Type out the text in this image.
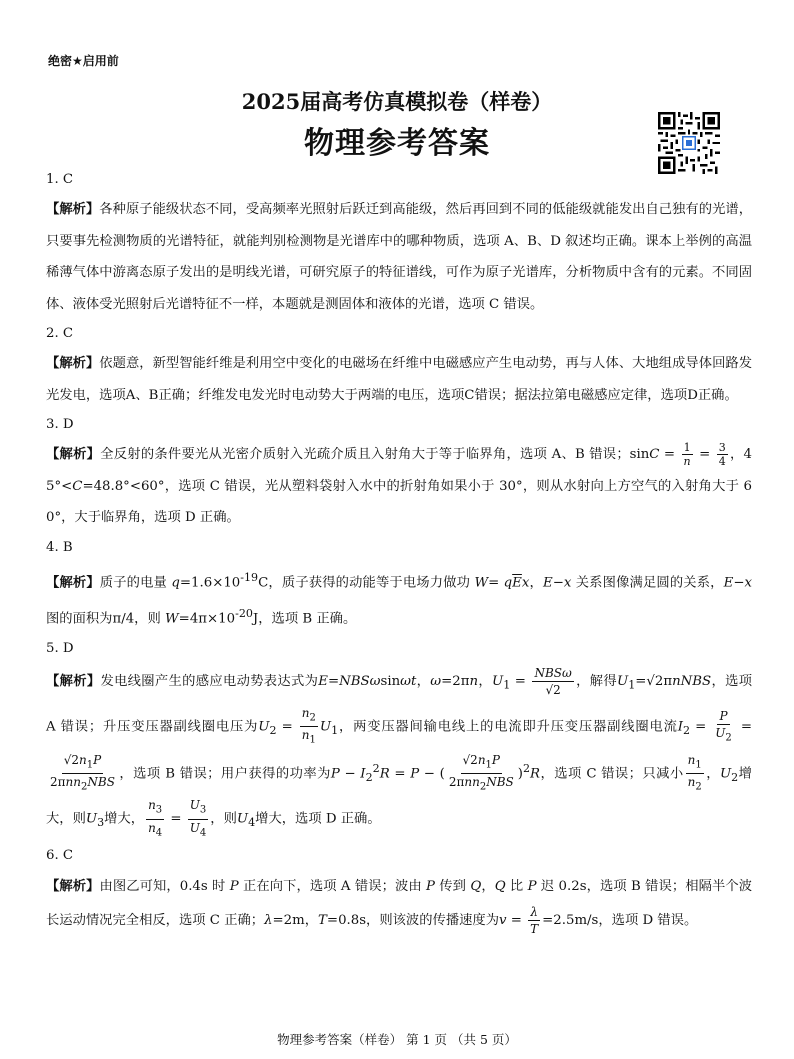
绝密★启用前
2025届高考仿真模拟卷（样卷）
物理参考答案
1. C
【解析】各种原子能级状态不同，受高频率光照射后跃迁到高能级，然后再回到不同的低能级就能发出自己独有的光谱，只要事先检测物质的光谱特征，就能判别检测物是光谱库中的哪种物质，选项 A、B、D 叙述均正确。课本上举例的高温稀薄气体中游离态原子发出的是明线光谱，可研究原子的特征谱线，可作为原子光谱库，分析物质中含有的元素。不同固体、液体受光照射后光谱特征不一样，本题就是测固体和液体的光谱，选项 C 错误。
2. C
【解析】依题意，新型智能纤维是利用空中变化的电磁场在纤维中电磁感应产生电动势，再与人体、大地组成导体回路发光发电，选项A、B正确；纤维发电发光时电动势大于两端的电压，选项C错误；据法拉第电磁感应定律，选项D正确。
3. D
【解析】全反射的条件要光从光密介质射入光疏介质且入射角大于等于临界角，选项 A、B 错误；$\sin C = \frac{1}{n} = \frac{3}{4}$ ，45°<C=48.8°<60°，选项 C 错误，光从塑料袋射入水中的折射角如果小于 30°，则从水射向上方空气的入射角大于 60°，大于临界角，选项 D 正确。
4. B
【解析】质子的电量 $q=1.6\times 10^{-19}C$，质子获得的动能等于电场力做功 $W= q\overline{E}x$，E−x 关系图像满足圆的关系，E−x 图的面积为π/4，则 $W=4\pi\times 10^{-20}J$，选项 B 正确。
5. D
【解析】发电线圈产生的感应电动势表达式为E=NBSωsinωt，ω=2πn，$U_1 = \frac{\text{NBSω}}{√2}$ ，解得$U_1=√2\pi nNBS$，选项 A 错误；升压变压器副线圈电压为$U_2 = \frac{n_2}{n_1} U_1$，两变压器间输电线上的电流即升压变压器副线圈电流$I_2 = \frac{P}{U_2}$ =
$\frac{√2n_1P}{2\pi nn_2NBS}$ ，选项 B 错误；用户获得的功率为$P - I_2^2R = P$ − ( $\frac{√2n_1P}{2\pi nn_2NBS} )^2R$，选项 C 错误；只减小 $\frac{n_1}{n_2}$ ，$U_2$增大，则$U_3$增大， $\frac{n_3}{n_4} = \frac{U_3}{U_4}$ ，则$U_4$增大，选项 D 正确。
6. C
【解析】由图乙可知，0.4s 时 P 正在向下，选项 A 错误；波由 P 传到 Q，Q 比 P 迟 0.2s，选项 B 错误；相隔半个波长运动情况完全相反，选项 C 正确；λ=2m，T=0.8s，则该波的传播速度为$v = \frac{\lambda}{T} =2.5m/s$，选项 D 错误。
物理参考答案（样卷） 第 1 页 （共 5 页）
